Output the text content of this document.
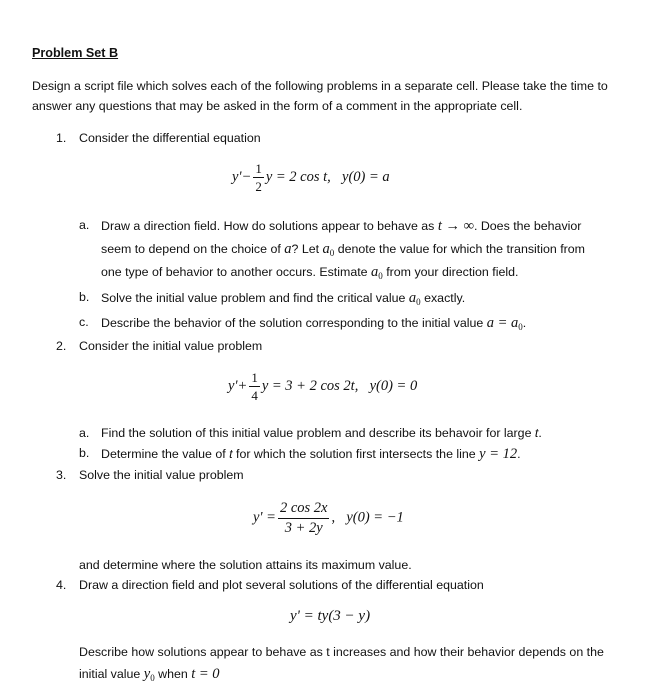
Problem Set B
Design a script file which solves each of the following problems in a separate cell. Please take the time to
answer any questions that may be asked in the form of a comment in the appropriate cell.
1. Consider the differential equation
$y'- \frac{1}{2}$ y = 2 cos t, y(0) = a
a. Draw a direction field. How do solutions appear to behave as t → ∞. Does the behavior
seem to depend on the choice of a? Let $a_0$ denote the value for which the transition from
one type of behavior to another occurs. Estimate $a_0$ from your direction field.
b. Solve the initial value problem and find the critical value $a_0$ exactly.
c. Describe the behavior of the solution corresponding to the initial value $a = a_0$.
2. Consider the initial value problem
$y'+ \frac{1}{4}$ y = 3 + 2 cos 2t, y(0) = 0
a. Find the solution of this initial value problem and describe its behavoir for large t.
b. Determine the value of t for which the solution first intersects the line y = 12.
3. Solve the initial value problem
$y' = \frac{2 \cos 2x}{3 + 2y}$ , y(0) = −1
and determine where the solution attains its maximum value.
4. Draw a direction field and plot several solutions of the differential equation
y' = ty(3 − y)
Describe how solutions appear to behave as t increases and how their behavior depends on the
initial value $y_0$ when t = 0
